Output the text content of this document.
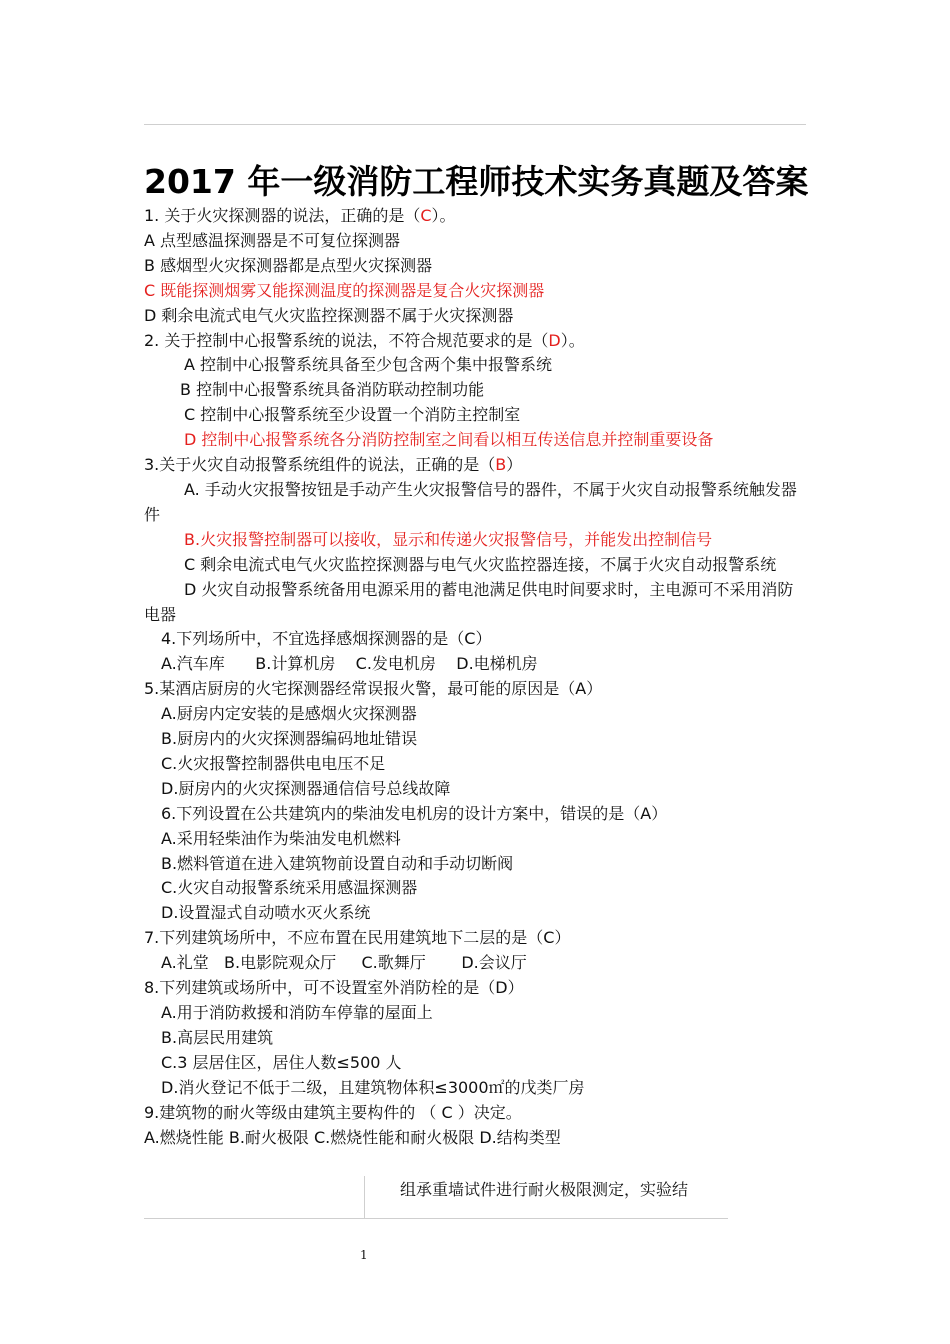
2017 年一级消防工程师技术实务真题及答案
1. 关于火灾探测器的说法，正确的是（C）。
A 点型感温探测器是不可复位探测器
B 感烟型火灾探测器都是点型火灾探测器
C 既能探测烟雾又能探测温度的探测器是复合火灾探测器
D 剩余电流式电气火灾监控探测器不属于火灾探测器
2. 关于控制中心报警系统的说法，不符合规范要求的是（D）。
A 控制中心报警系统具备至少包含两个集中报警系统
B 控制中心报警系统具备消防联动控制功能
C 控制中心报警系统至少设置一个消防主控制室
D 控制中心报警系统各分消防控制室之间看以相互传送信息并控制重要设备
3.关于火灾自动报警系统组件的说法，正确的是（B）
A. 手动火灾报警按钮是手动产生火灾报警信号的器件，不属于火灾自动报警系统触发器件
B.火灾报警控制器可以接收，显示和传递火灾报警信号，并能发出控制信号
C 剩余电流式电气火灾监控探测器与电气火灾监控器连接，不属于火灾自动报警系统
D 火灾自动报警系统备用电源采用的蓄电池满足供电时间要求时，主电源可不采用消防电器
4.下列场所中，不宜选择感烟探测器的是（C）
A.汽车库      B.计算机房    C.发电机房    D.电梯机房
5.某酒店厨房的火宅探测器经常误报火警，最可能的原因是（A）
A.厨房内定安装的是感烟火灾探测器
B.厨房内的火灾探测器编码地址错误
C.火灾报警控制器供电电压不足
D.厨房内的火灾探测器通信信号总线故障
6.下列设置在公共建筑内的柴油发电机房的设计方案中，错误的是（A）
A.采用轻柴油作为柴油发电机燃料
B.燃料管道在进入建筑物前设置自动和手动切断阀
C.火灾自动报警系统采用感温探测器
D.设置湿式自动喷水灭火系统
7.下列建筑场所中，不应布置在民用建筑地下二层的是（C）
A.礼堂   B.电影院观众厅     C.歌舞厅       D.会议厅
8.下列建筑或场所中，可不设置室外消防栓的是（D）
A.用于消防救援和消防车停靠的屋面上
B.高层民用建筑
C.3 层居住区，居住人数≤500 人
D.消火登记不低于二级，且建筑物体积≤3000㎡的戊类厂房
9.建筑物的耐火等级由建筑主要构件的 （ C ）决定。
A.燃烧性能 B.耐火极限 C.燃烧性能和耐火极限 D.结构类型
组承重墙试件进行耐火极限测定，实验结
1
